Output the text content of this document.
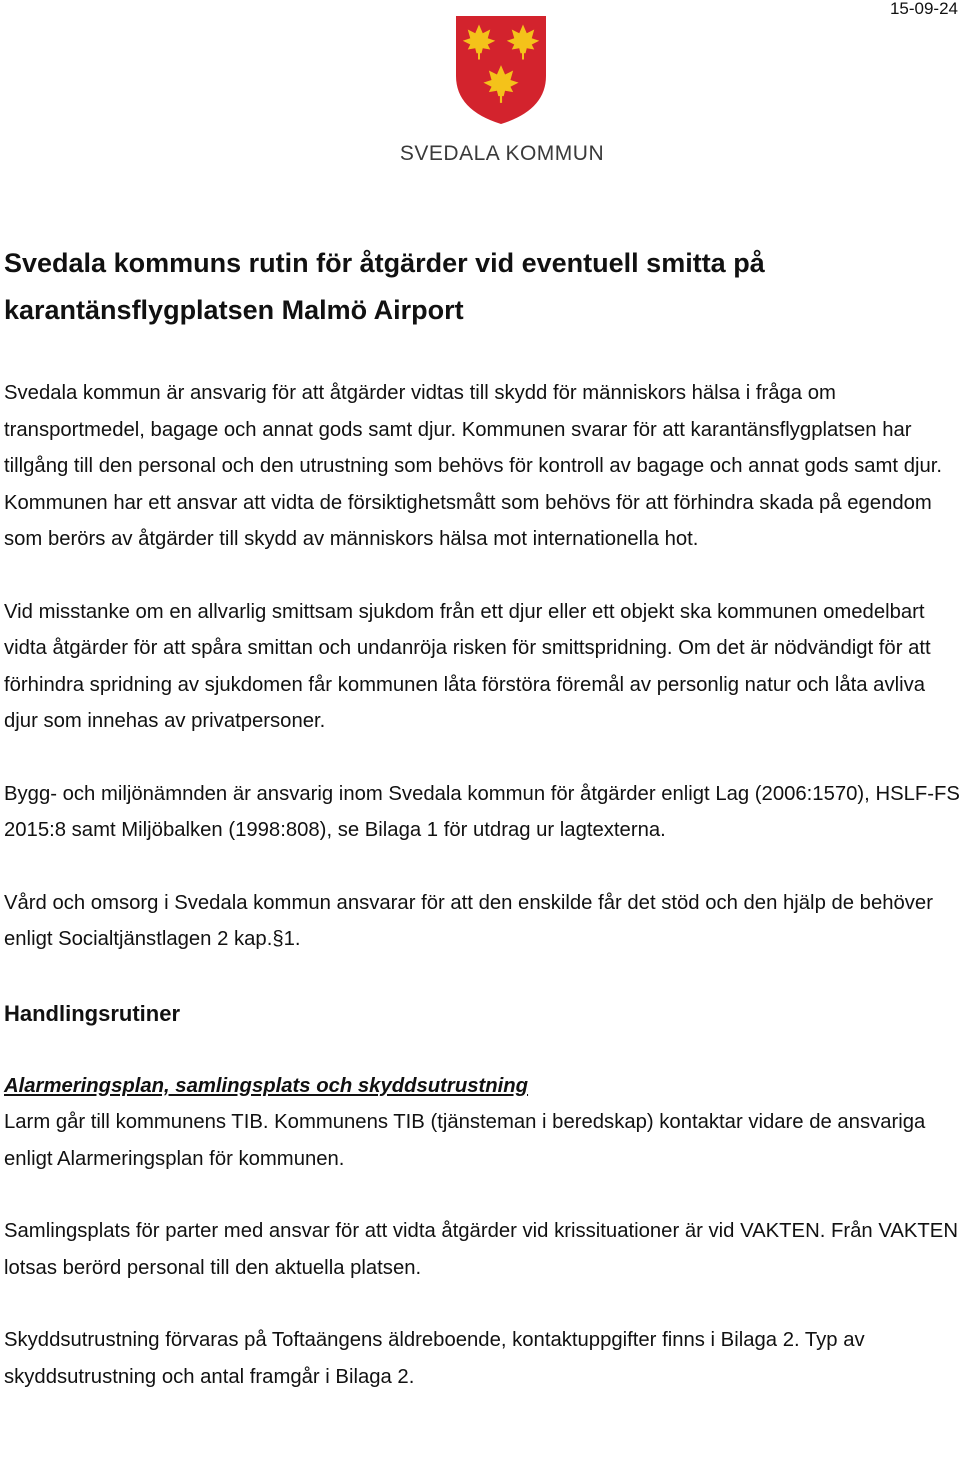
15-09-24
SVEDALA KOMMUN
Svedala kommuns rutin för åtgärder vid eventuell smitta på karantänsflygplatsen Malmö Airport

Svedala kommun är ansvarig för att åtgärder vidtas till skydd för människors hälsa i fråga om transportmedel, bagage och annat gods samt djur. Kommunen svarar för att karantänsflygplatsen har tillgång till den personal och den utrustning som behövs för kontroll av bagage och annat gods samt djur. Kommunen har ett ansvar att vidta de försiktighetsmått som behövs för att förhindra skada på egendom som berörs av åtgärder till skydd av människors hälsa mot internationella hot.

Vid misstanke om en allvarlig smittsam sjukdom från ett djur eller ett objekt ska kommunen omedelbart vidta åtgärder för att spåra smittan och undanröja risken för smittspridning. Om det är nödvändigt för att förhindra spridning av sjukdomen får kommunen låta förstöra föremål av personlig natur och låta avliva djur som innehas av privatpersoner.

Bygg- och miljönämnden är ansvarig inom Svedala kommun för åtgärder enligt Lag (2006:1570), HSLF-FS 2015:8 samt Miljöbalken (1998:808), se Bilaga 1 för utdrag ur lagtexterna.

Vård och omsorg i Svedala kommun ansvarar för att den enskilde får det stöd och den hjälp de behöver enligt Socialtjänstlagen 2 kap.§1.

Handlingsrutiner
Alarmeringsplan, samlingsplats och skyddsutrustning

Larm går till kommunens TIB. Kommunens TIB (tjänsteman i beredskap) kontaktar vidare de ansvariga enligt Alarmeringsplan för kommunen.

Samlingsplats för parter med ansvar för att vidta åtgärder vid krissituationer är vid VAKTEN. Från VAKTEN lotsas berörd personal till den aktuella platsen.

Skyddsutrustning förvaras på Toftaängens äldreboende, kontaktuppgifter finns i Bilaga 2. Typ av skyddsutrustning och antal framgår i Bilaga 2.
